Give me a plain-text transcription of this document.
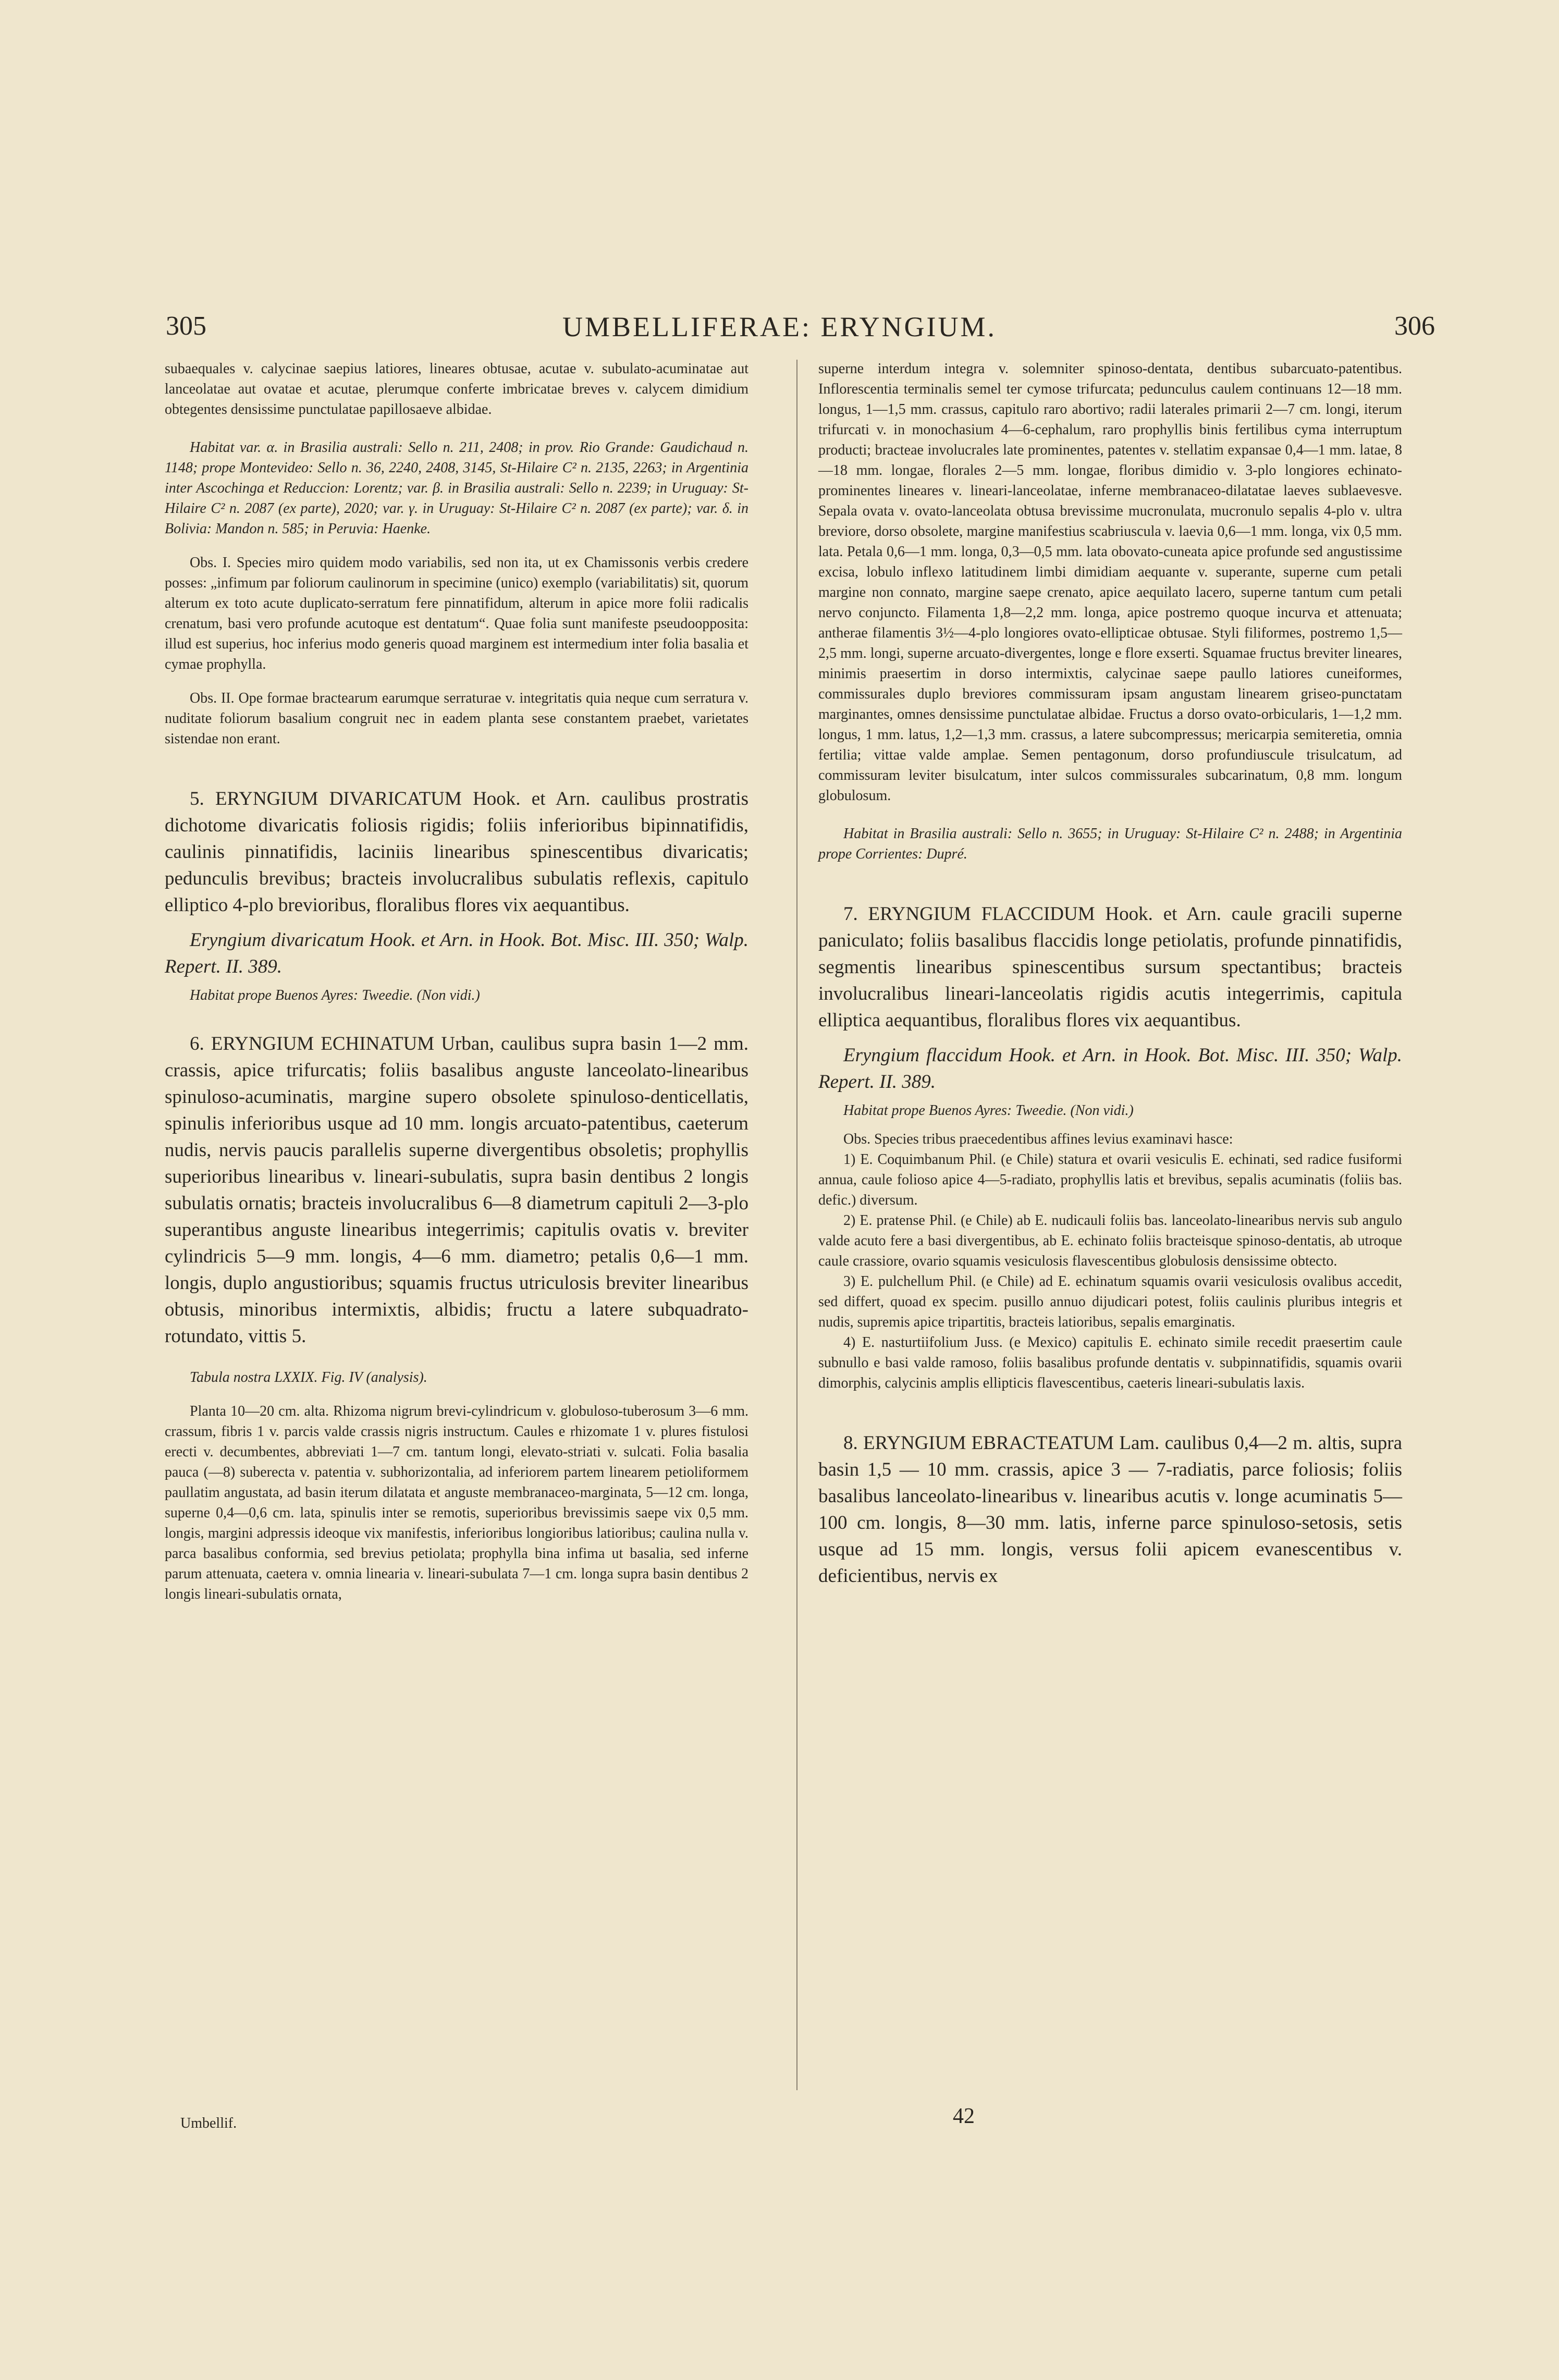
305	UMBELLIFERAE: ERYNGIUM.	306

subaequales v. calycinae saepius latiores, lineares obtusae, acutae v. subulato-acuminatae aut lanceolatae aut ovatae et acutae, plerumque conferte imbricatae breves v. calycem dimidium obtegentes densissime punctulatae papillosaeve albidae.

Habitat var. α. in Brasilia australi: Sello n. 211, 2408; in prov. Rio Grande: Gaudichaud n. 1148; prope Montevideo: Sello n. 36, 2240, 2408, 3145, St-Hilaire C² n. 2135, 2263; in Argentinia inter Ascochinga et Reduccion: Lorentz; var. β. in Brasilia australi: Sello n. 2239; in Uruguay: St-Hilaire C² n. 2087 (ex parte), 2020; var. γ. in Uruguay: St-Hilaire C² n. 2087 (ex parte); var. δ. in Bolivia: Mandon n. 585; in Peruvia: Haenke.

Obs. I. Species miro quidem modo variabilis, sed non ita, ut ex Chamissonis verbis credere posses: „infimum par foliorum caulinorum in specimine (unico) exemplo (variabilitatis) sit, quorum alterum ex toto acute duplicato-serratum fere pinnatifidum, alterum in apice more folii radicalis crenatum, basi vero profunde acutoque est dentatum“. Quae folia sunt manifeste pseudoopposita: illud est superius, hoc inferius modo generis quoad marginem est intermedium inter folia basalia et cymae prophylla.

Obs. II. Ope formae bractearum earumque serraturae v. integritatis quia neque cum serratura v. nuditate foliorum basalium congruit nec in eadem planta sese constantem praebet, varietates sistendae non erant.

5. ERYNGIUM DIVARICATUM Hook. et Arn. caulibus prostratis dichotome divaricatis foliosis rigidis; foliis inferioribus bipinnatifidis, caulinis pinnatifidis, laciniis linearibus spinescentibus divaricatis; pedunculis brevibus; bracteis involucralibus subulatis reflexis, capitulo elliptico 4-plo brevioribus, floralibus flores vix aequantibus.

Eryngium divaricatum Hook. et Arn. in Hook. Bot. Misc. III. 350; Walp. Repert. II. 389.

Habitat prope Buenos Ayres: Tweedie. (Non vidi.)

6. ERYNGIUM ECHINATUM Urban, caulibus supra basin 1—2 mm. crassis, apice trifurcatis; foliis basalibus anguste lanceolato-linearibus spinuloso-acuminatis, margine supero obsolete spinuloso-denticellatis, spinulis inferioribus usque ad 10 mm. longis arcuato-patentibus, caeterum nudis, nervis paucis parallelis superne divergentibus obsoletis; prophyllis superioribus linearibus v. lineari-subulatis, supra basin dentibus 2 longis subulatis ornatis; bracteis involucralibus 6—8 diametrum capituli 2—3-plo superantibus anguste linearibus integerrimis; capitulis ovatis v. breviter cylindricis 5—9 mm. longis, 4—6 mm. diametro; petalis 0,6—1 mm. longis, duplo angustioribus; squamis fructus utriculosis breviter linearibus obtusis, minoribus intermixtis, albidis; fructu a latere subquadrato-rotundato, vittis 5.

Tabula nostra LXXIX. Fig. IV (analysis).

Planta 10—20 cm. alta. Rhizoma nigrum brevi-cylindricum v. globuloso-tuberosum 3—6 mm. crassum, fibris 1 v. parcis valde crassis nigris instructum. Caules e rhizomate 1 v. plures fistulosi erecti v. decumbentes, abbreviati 1—7 cm. tantum longi, elevato-striati v. sulcati. Folia basalia pauca (—8) suberecta v. patentia v. subhorizontalia, ad inferiorem partem linearem petioliformem paullatim angustata, ad basin iterum dilatata et anguste membranaceo-marginata, 5—12 cm. longa, superne 0,4—0,6 cm. lata, spinulis inter se remotis, superioribus brevissimis saepe vix 0,5 mm. longis, margini adpressis ideoque vix manifestis, inferioribus longioribus latioribus; caulina nulla v. parca basalibus conformia, sed brevius petiolata; prophylla bina infima ut basalia, sed inferne parum attenuata, caetera v. omnia linearia v. lineari-subulata 7—1 cm. longa supra basin dentibus 2 longis lineari-subulatis ornata,

superne interdum integra v. solemniter spinoso-dentata, dentibus subarcuato-patentibus. Inflorescentia terminalis semel ter cymose trifurcata; pedunculus caulem continuans 12—18 mm. longus, 1—1,5 mm. crassus, capitulo raro abortivo; radii laterales primarii 2—7 cm. longi, iterum trifurcati v. in monochasium 4—6-cephalum, raro prophyllis binis fertilibus cyma interruptum producti; bracteae involucrales late prominentes, patentes v. stellatim expansae 0,4—1 mm. latae, 8—18 mm. longae, florales 2—5 mm. longae, floribus dimidio v. 3-plo longiores echinato-prominentes lineares v. lineari-lanceolatae, inferne membranaceo-dilatatae laeves sublaevesve. Sepala ovata v. ovato-lanceolata obtusa brevissime mucronulata, mucronulo sepalis 4-plo v. ultra breviore, dorso obsolete, margine manifestius scabriuscula v. laevia 0,6—1 mm. longa, vix 0,5 mm. lata. Petala 0,6—1 mm. longa, 0,3—0,5 mm. lata obovato-cuneata apice profunde sed angustissime excisa, lobulo inflexo latitudinem limbi dimidiam aequante v. superante, superne cum petali margine non connato, margine saepe crenato, apice aequilato lacero, superne tantum cum petali nervo conjuncto. Filamenta 1,8—2,2 mm. longa, apice postremo quoque incurva et attenuata; antherae filamentis 3½—4-plo longiores ovato-ellipticae obtusae. Styli filiformes, postremo 1,5—2,5 mm. longi, superne arcuato-divergentes, longe e flore exserti. Squamae fructus breviter lineares, minimis praesertim in dorso intermixtis, calycinae saepe paullo latiores cuneiformes, commissurales duplo breviores commissuram ipsam angustam linearem griseo-punctatam marginantes, omnes densissime punctulatae albidae. Fructus a dorso ovato-orbicularis, 1—1,2 mm. longus, 1 mm. latus, 1,2—1,3 mm. crassus, a latere subcompressus; mericarpia semiteretia, omnia fertilia; vittae valde amplae. Semen pentagonum, dorso profundiuscule trisulcatum, ad commissuram leviter bisulcatum, inter sulcos commissurales subcarinatum, 0,8 mm. longum globulosum.

Habitat in Brasilia australi: Sello n. 3655; in Uruguay: St-Hilaire C² n. 2488; in Argentinia prope Corrientes: Dupré.

7. ERYNGIUM FLACCIDUM Hook. et Arn. caule gracili superne paniculato; foliis basalibus flaccidis longe petiolatis, profunde pinnatifidis, segmentis linearibus spinescentibus sursum spectantibus; bracteis involucralibus lineari-lanceolatis rigidis acutis integerrimis, capitula elliptica aequantibus, floralibus flores vix aequantibus.

Eryngium flaccidum Hook. et Arn. in Hook. Bot. Misc. III. 350; Walp. Repert. II. 389.

Habitat prope Buenos Ayres: Tweedie. (Non vidi.)

Obs. Species tribus praecedentibus affines levius examinavi hasce:

1) E. Coquimbanum Phil. (e Chile) statura et ovarii vesiculis E. echinati, sed radice fusiformi annua, caule folioso apice 4—5-radiato, prophyllis latis et brevibus, sepalis acuminatis (foliis bas. defic.) diversum.

2) E. pratense Phil. (e Chile) ab E. nudicauli foliis bas. lanceolato-linearibus nervis sub angulo valde acuto fere a basi divergentibus, ab E. echinato foliis bracteisque spinoso-dentatis, ab utroque caule crassiore, ovario squamis vesiculosis flavescentibus globulosis densissime obtecto.

3) E. pulchellum Phil. (e Chile) ad E. echinatum squamis ovarii vesiculosis ovalibus accedit, sed differt, quoad ex specim. pusillo annuo dijudicari potest, foliis caulinis pluribus integris et nudis, supremis apice tripartitis, bracteis latioribus, sepalis emarginatis.

4) E. nasturtiifolium Juss. (e Mexico) capitulis E. echinato simile recedit praesertim caule subnullo e basi valde ramoso, foliis basalibus profunde dentatis v. subpinnatifidis, squamis ovarii dimorphis, calycinis amplis ellipticis flavescentibus, caeteris lineari-subulatis laxis.

8. ERYNGIUM EBRACTEATUM Lam. caulibus 0,4—2 m. altis, supra basin 1,5 — 10 mm. crassis, apice 3 — 7-radiatis, parce foliosis; foliis basalibus lanceolato-linearibus v. linearibus acutis v. longe acuminatis 5—100 cm. longis, 8—30 mm. latis, inferne parce spinuloso-setosis, setis usque ad 15 mm. longis, versus folii apicem evanescentibus v. deficientibus, nervis ex

Umbellif.	42
